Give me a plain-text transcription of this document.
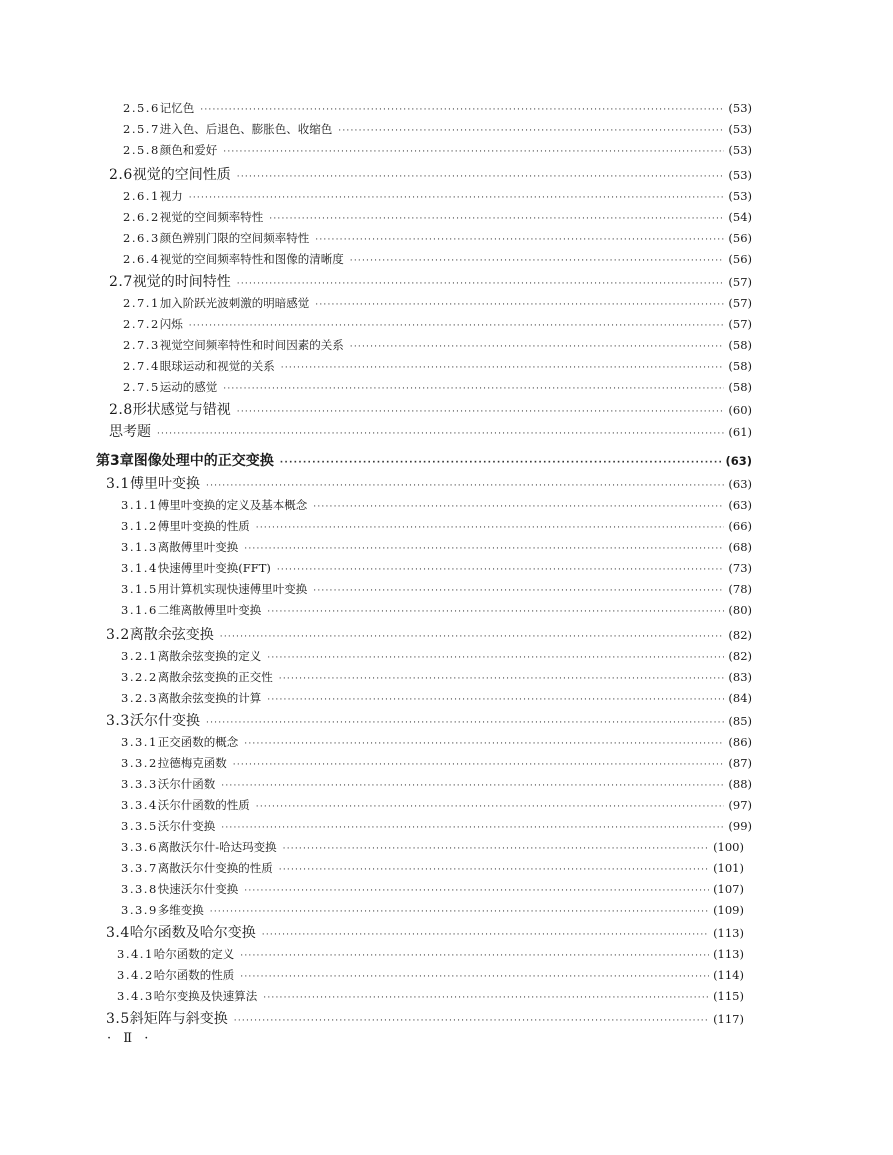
2.5.6 记忆色 ·····	(53)
2.5.7 进入色、后退色、膨胀色、收缩色 ·····	(53)
2.5.8 颜色和爱好 ·····	(53)
2.6 视觉的空间性质 ·····	(53)
2.6.1 视力 ·····	(53)
2.6.2 视觉的空间频率特性 ·····	(54)
2.6.3 颜色辨别门限的空间频率特性 ·····	(56)
2.6.4 视觉的空间频率特性和图像的清晰度 ·····	(56)
2.7 视觉的时间特性 ·····	(57)
2.7.1 加入阶跃光波刺激的明暗感觉 ·····	(57)
2.7.2 闪烁 ·····	(57)
2.7.3 视觉空间频率特性和时间因素的关系 ·····	(58)
2.7.4 眼球运动和视觉的关系 ·····	(58)
2.7.5 运动的感觉 ·····	(58)
2.8 形状感觉与错视 ·····	(60)
思考题 ·····	(61)
第3章 图像处理中的正交变换 ·····	(63)
3.1 傅里叶变换 ·····	(63)
3.1.1 傅里叶变换的定义及基本概念 ·····	(63)
3.1.2 傅里叶变换的性质 ·····	(66)
3.1.3 离散傅里叶变换 ·····	(68)
3.1.4 快速傅里叶变换(FFT) ·····	(73)
3.1.5 用计算机实现快速傅里叶变换 ·····	(78)
3.1.6 二维离散傅里叶变换 ·····	(80)
3.2 离散余弦变换 ·····	(82)
3.2.1 离散余弦变换的定义 ·····	(82)
3.2.2 离散余弦变换的正交性 ·····	(83)
3.2.3 离散余弦变换的计算 ·····	(84)
3.3 沃尔什变换 ·····	(85)
3.3.1 正交函数的概念 ·····	(86)
3.3.2 拉德梅克函数 ·····	(87)
3.3.3 沃尔什函数 ·····	(88)
3.3.4 沃尔什函数的性质 ·····	(97)
3.3.5 沃尔什变换 ·····	(99)
3.3.6 离散沃尔什-哈达玛变换 ·····	(100)
3.3.7 离散沃尔什变换的性质 ·····	(101)
3.3.8 快速沃尔什变换 ·····	(107)
3.3.9 多维变换 ·····	(109)
3.4 哈尔函数及哈尔变换 ·····	(113)
3.4.1 哈尔函数的定义 ·····	(113)
3.4.2 哈尔函数的性质 ·····	(114)
3.4.3 哈尔变换及快速算法 ·····	(115)
3.5 斜矩阵与斜变换 ·····	(117)
· Ⅱ ·
